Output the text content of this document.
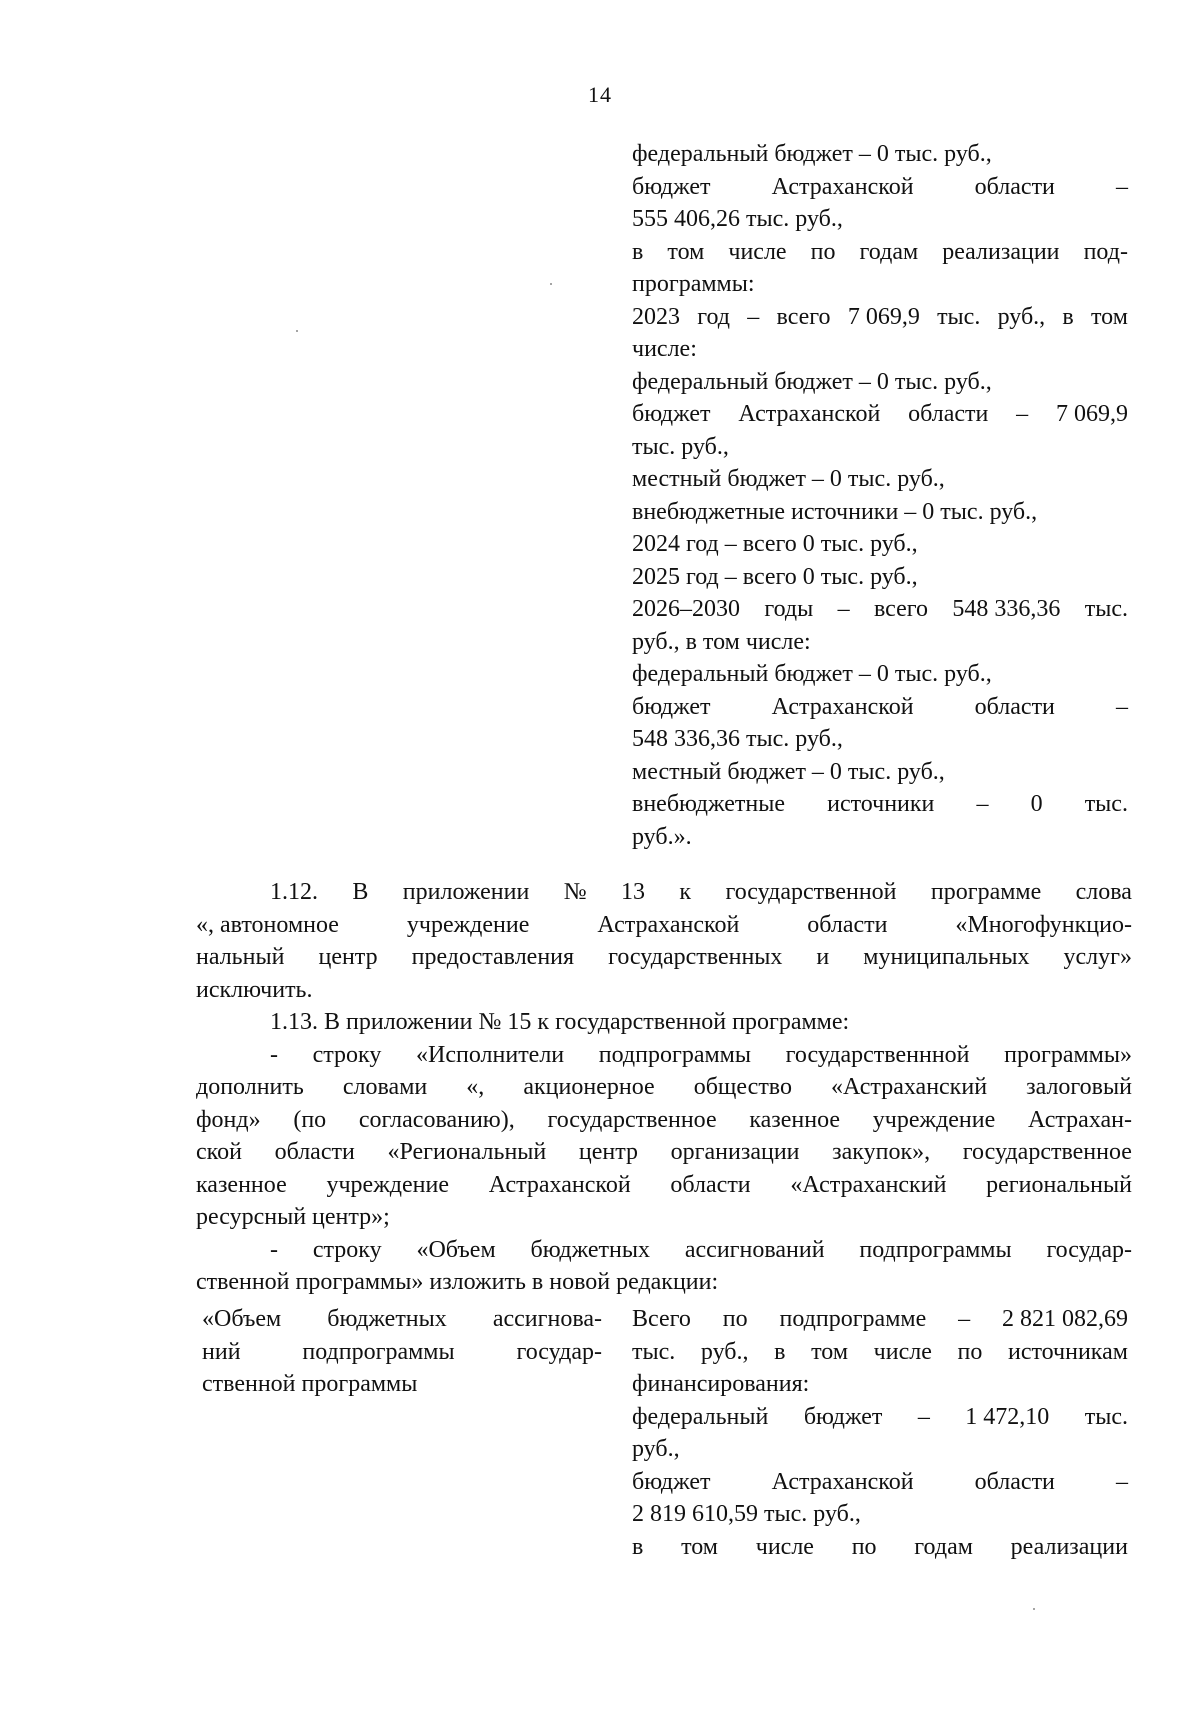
14
федеральный бюджет – 0 тыс. руб.,
бюджет	Астраханской	области	–
555 406,26 тыс. руб.,
в том числе по годам реализации под-
программы:
2023 год – всего 7 069,9 тыс. руб., в том
числе:
федеральный бюджет – 0 тыс. руб.,
бюджет Астраханской области – 7 069,9
тыс. руб.,
местный бюджет – 0 тыс. руб.,
внебюджетные источники – 0 тыс. руб.,
2024 год – всего 0 тыс. руб.,
2025 год – всего 0 тыс. руб.,
2026–2030 годы – всего 548 336,36 тыс.
руб., в том числе:
федеральный бюджет – 0 тыс. руб.,
бюджет	Астраханской	области	–
548 336,36 тыс. руб.,
местный бюджет – 0 тыс. руб.,
внебюджетные источники – 0 тыс.
руб.».
1.12. В приложении № 13 к государственной программе слова
«, автономное	учреждение	Астраханской	области	«Многофункцио-
нальный центр предоставления государственных и муниципальных услуг»
исключить.
1.13. В приложении № 15 к государственной программе:
- строку «Исполнители подпрограммы государственнной программы»
дополнить словами «, акционерное общество «Астраханский залоговый
фонд» (по согласованию), государственное казенное учреждение Астрахан-
ской области «Региональный центр организации закупок», государственное
казенное учреждение Астраханской области «Астраханский региональный
ресурсный центр»;
- строку «Объем бюджетных ассигнований подпрограммы государ-
ственной программы» изложить в новой редакции:
«Объем бюджетных ассигнова-
ний	подпрограммы	государ-
ственной программы
Всего по подпрограмме – 2 821 082,69
тыс. руб., в том числе по источникам
финансирования:
федеральный бюджет – 1 472,10 тыс.
руб.,
бюджет	Астраханской	области	–
2 819 610,59 тыс. руб.,
в том числе по годам реализации
